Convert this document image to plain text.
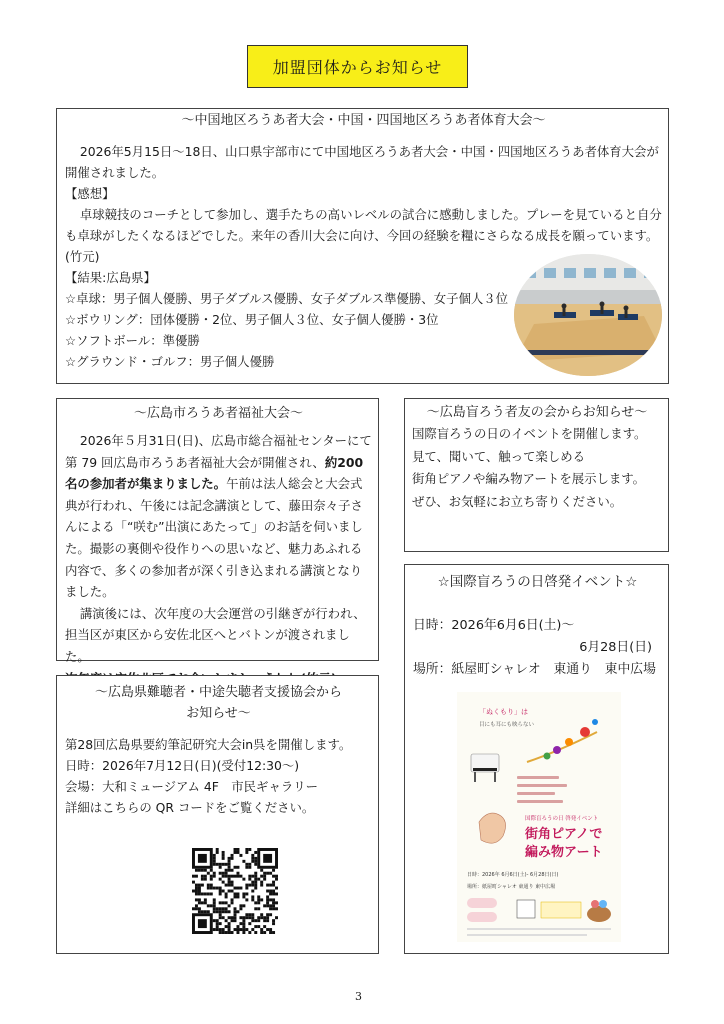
加盟団体からお知らせ
～中国地区ろうあ者大会・中国・四国地区ろうあ者体育大会～

2026年5月15日～18日、山口県宇部市にて中国地区ろうあ者大会・中国・四国地区ろうあ者体育大会が開催されました。

【感想】

卓球競技のコーチとして参加し、選手たちの高いレベルの試合に感動しました。プレーを見ていると自分も卓球がしたくなるほどでした。来年の香川大会に向け、今回の経験を糧にさらなる成長を願っています。

(竹元)

【結果:広島県】

☆卓球：男子個人優勝、男子ダブルス優勝、女子ダブルス準優勝、女子個人３位

☆ボウリング：団体優勝・2位、男子個人３位、女子個人優勝・3位

☆ソフトボール：準優勝

☆グラウンド・ゴルフ：男子個人優勝

～広島市ろうあ者福祉大会～

2026年５月31日(日)、広島市総合福祉センターにて第 79 回広島市ろうあ者福祉大会が開催され、約200名の参加者が集まりました。午前は法人総会と大会式典が行われ、午後には記念講演として、藤田奈々子さんによる「“咲む”出演にあたって」のお話を伺いました。撮影の裏側や役作りへの思いなど、魅力あふれる内容で、多くの参加者が深く引き込まれる講演となりました。

講演後には、次年度の大会運営の引継ぎが行われ、担当区が東区から安佐北区へとバトンが渡されました。

～広島県難聴者・中途失聴者支援協会から
お知らせ～

第28回広島県要約筆記研究大会in呉を開催します。

日時：2026年7月12日(日)(受付12:30～)

会場：大和ミュージアム 4F　市民ギャラリー

詳細はこちらの QR コードをご覧ください。

～広島盲ろう者友の会からお知らせ～

国際盲ろうの日のイベントを開催します。

見て、聞いて、触って楽しめる

街角ピアノや編み物アートを展示します。

ぜひ、お気軽にお立ち寄りください。

☆国際盲ろうの日啓発イベント☆

日時：2026年6月6日(土)～

6月28日(日)

場所：紙屋町シャレオ　東通り　東中広場

「ぬくもり」は
目にも耳にも映らない
国際盲ろうの日 啓発イベント
街角ピアノで
編み物アート
日時：2026年 6月6日(土)- 6月28日(日)
場所：紙屋町シャレオ 東通り 東中広場
3
